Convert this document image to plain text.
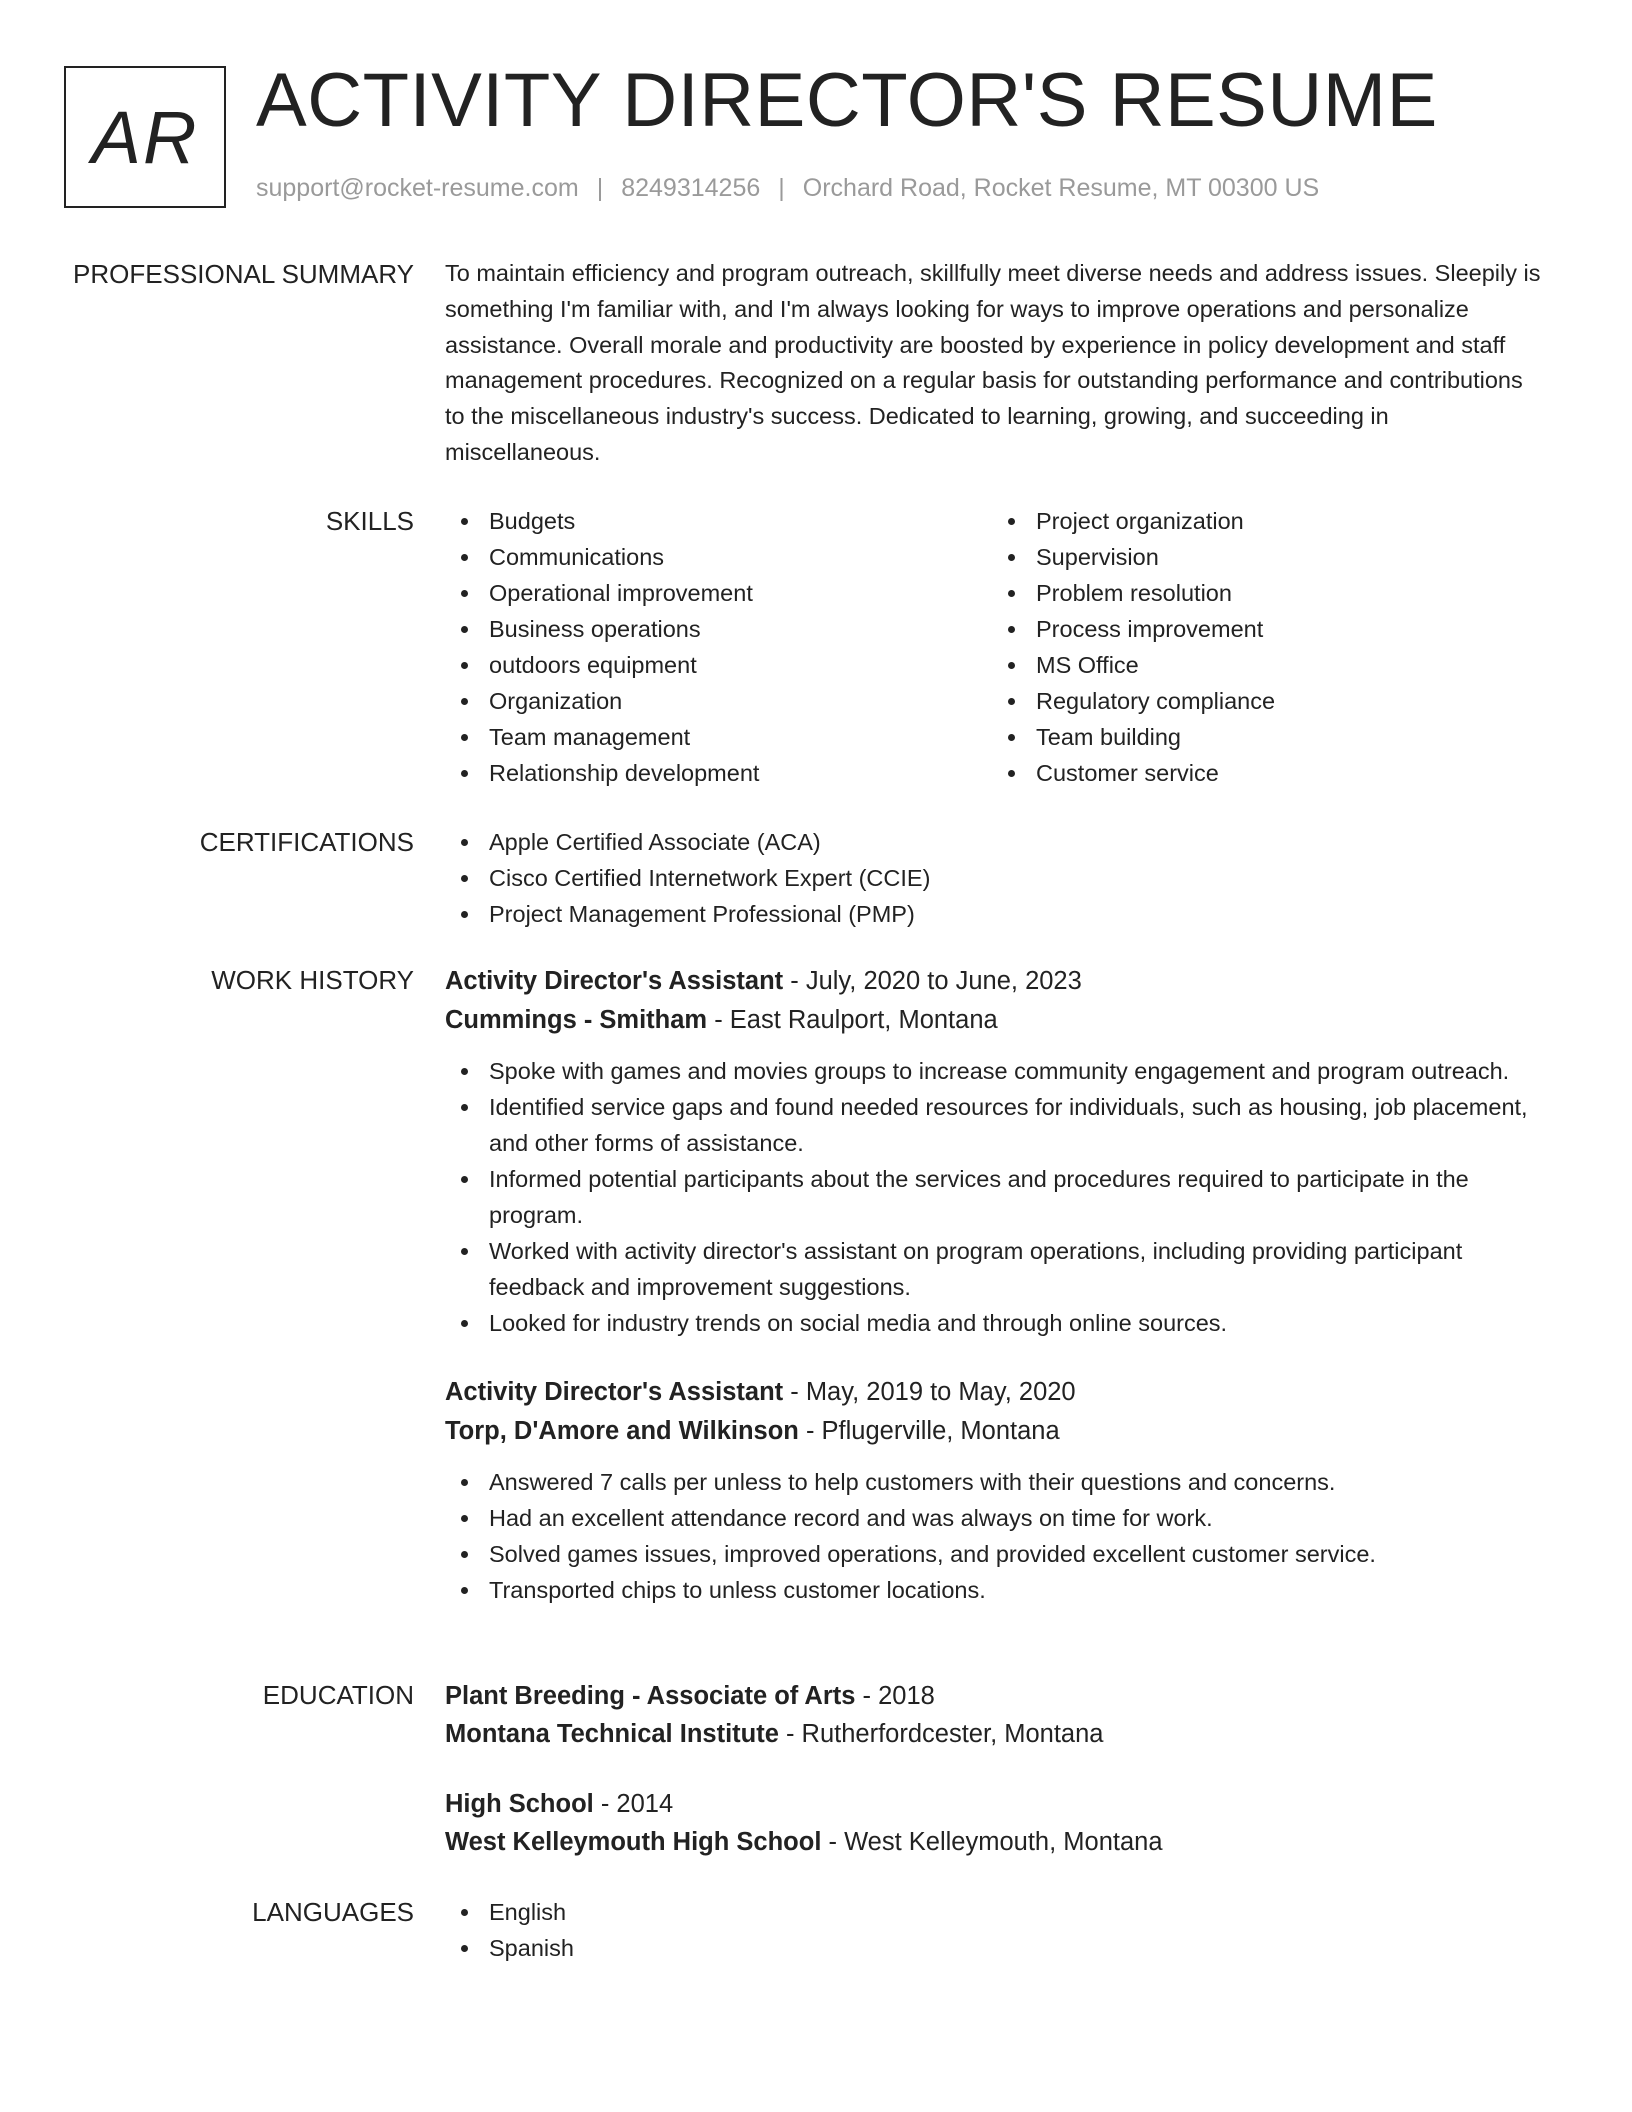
AR ACTIVITY DIRECTOR'S RESUME
support@rocket-resume.com | 8249314256 | Orchard Road, Rocket Resume, MT 00300 US
PROFESSIONAL SUMMARY To maintain efficiency and program outreach, skillfully meet diverse needs and address issues. Sleepily is something I'm familiar with, and I'm always looking for ways to improve operations and personalize assistance. Overall morale and productivity are boosted by experience in policy development and staff management procedures. Recognized on a regular basis for outstanding performance and contributions to the miscellaneous industry's success. Dedicated to learning, growing, and succeeding in miscellaneous.
SKILLS	Budgets
Communications
Operational improvement
Business operations
outdoors equipment
Organization
Team management
Relationship development
Project organization
Supervision
Problem resolution
Process improvement
MS Office
Regulatory compliance
Team building
Customer service
CERTIFICATIONS	Apple Certified Associate (ACA)
Cisco Certified Internetwork Expert (CCIE)
Project Management Professional (PMP)
WORK HISTORY Activity Director's Assistant - July, 2020 to June, 2023
Cummings - Smitham - East Raulport, Montana
Spoke with games and movies groups to increase community engagement and program outreach.
Identified service gaps and found needed resources for individuals, such as housing, job placement, and other forms of assistance.
Informed potential participants about the services and procedures required to participate in the program.
Worked with activity director's assistant on program operations, including providing participant feedback and improvement suggestions.
Looked for industry trends on social media and through online sources.
Activity Director's Assistant - May, 2019 to May, 2020
Torp, D'Amore and Wilkinson - Pflugerville, Montana
Answered 7 calls per unless to help customers with their questions and concerns.
Had an excellent attendance record and was always on time for work.
Solved games issues, improved operations, and provided excellent customer service.
Transported chips to unless customer locations.
EDUCATION Plant Breeding - Associate of Arts - 2018
Montana Technical Institute - Rutherfordcester, Montana
High School - 2014
West Kelleymouth High School - West Kelleymouth, Montana
LANGUAGES	English
Spanish
